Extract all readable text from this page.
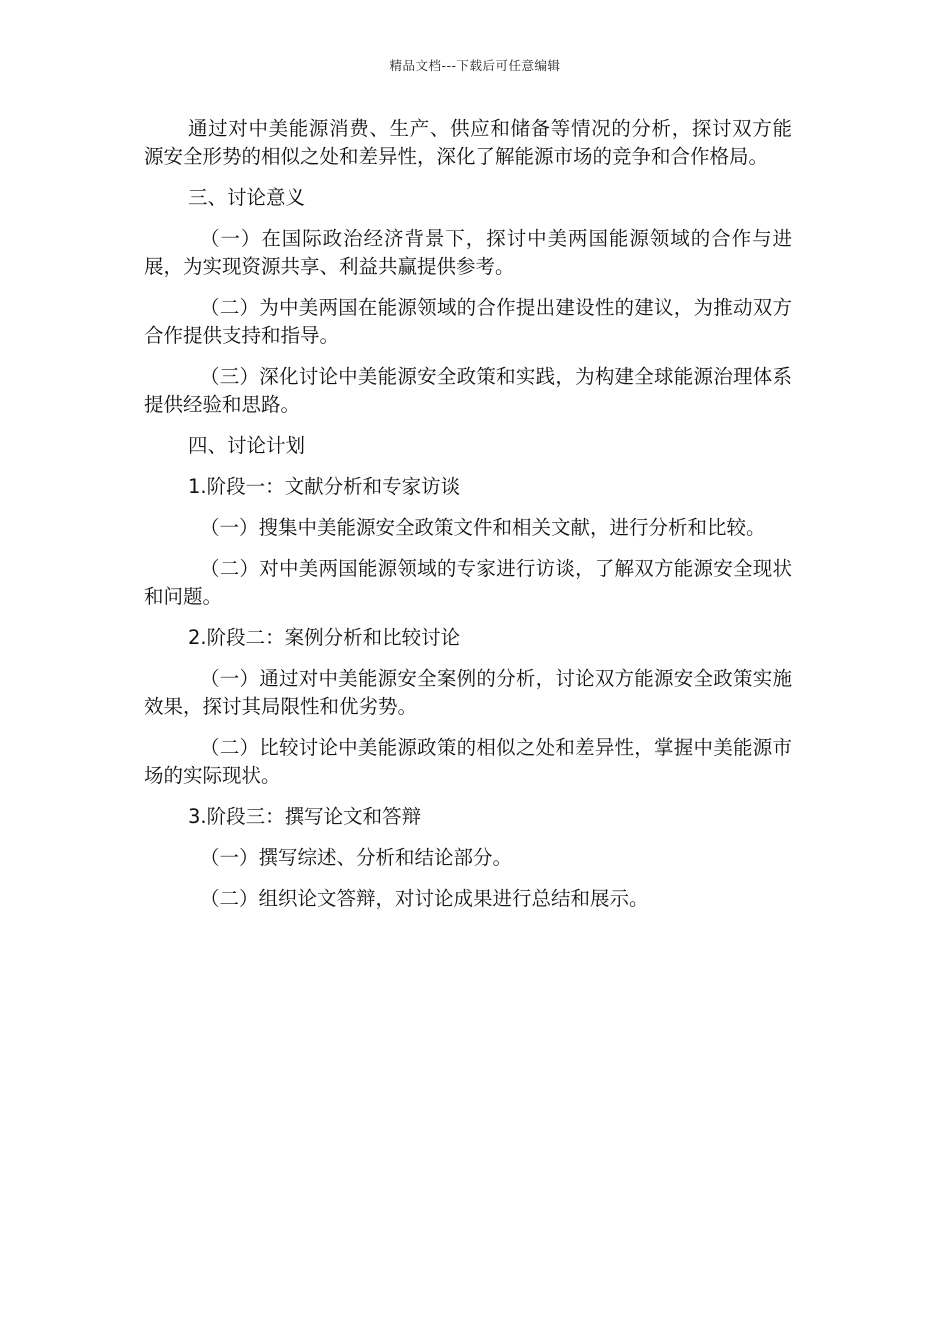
精品文档---下载后可任意编辑

通过对中美能源消费、生产、供应和储备等情况的分析，探讨双方能源安全形势的相似之处和差异性，深化了解能源市场的竞争和合作格局。

三、讨论意义

（一）在国际政治经济背景下，探讨中美两国能源领域的合作与进展，为实现资源共享、利益共赢提供参考。

（二）为中美两国在能源领域的合作提出建设性的建议，为推动双方合作提供支持和指导。

（三）深化讨论中美能源安全政策和实践，为构建全球能源治理体系提供经验和思路。

四、讨论计划

1.阶段一：文献分析和专家访谈

（一）搜集中美能源安全政策文件和相关文献，进行分析和比较。

（二）对中美两国能源领域的专家进行访谈，了解双方能源安全现状和问题。

2.阶段二：案例分析和比较讨论

（一）通过对中美能源安全案例的分析，讨论双方能源安全政策实施效果，探讨其局限性和优劣势。

（二）比较讨论中美能源政策的相似之处和差异性，掌握中美能源市场的实际现状。

3.阶段三：撰写论文和答辩

（一）撰写综述、分析和结论部分。

（二）组织论文答辩，对讨论成果进行总结和展示。
